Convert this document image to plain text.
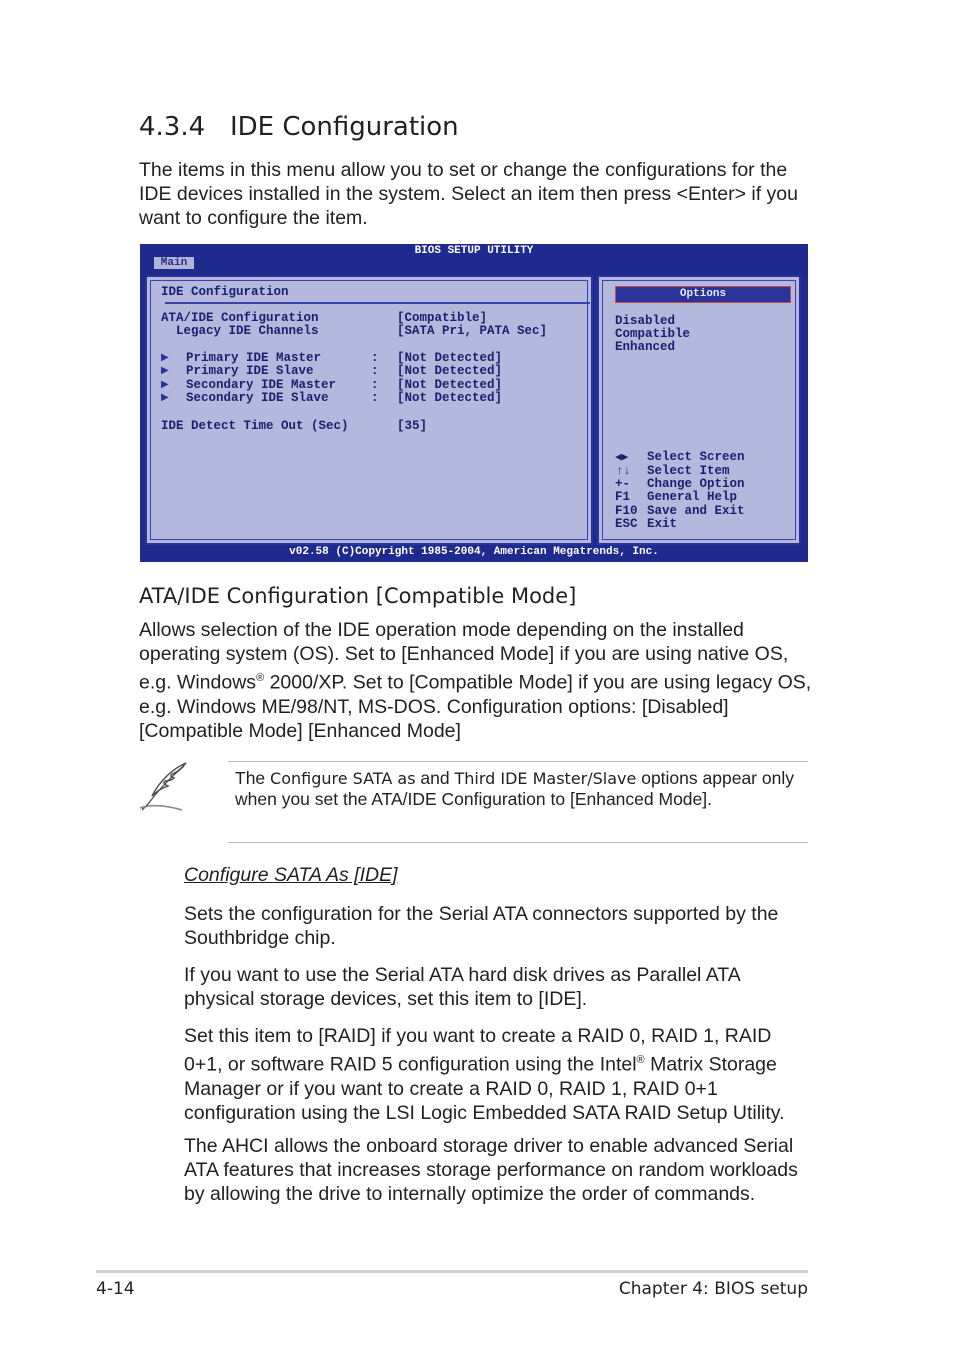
4.3.4 IDE Configuration
The items in this menu allow you to set or change the configurations for the IDE devices installed in the system. Select an item then press <Enter> if you want to configure the item.
BIOS SETUP UTILITY
Main
IDE Configuration
ATA/IDE Configuration	[Compatible]
Legacy IDE Channels	[SATA Pri, PATA Sec]
▶ Primary IDE Master	: [Not Detected]
▶ Primary IDE Slave	: [Not Detected]
▶ Secondary IDE Master	: [Not Detected]
▶ Secondary IDE Slave	: [Not Detected]
IDE Detect Time Out (Sec)	[35]
Options
Disabled
Compatible
Enhanced
◀▶ Select Screen
↑↓ Select Item
+- Change Option
F1 General Help
F10 Save and Exit
ESC Exit
v02.58 (C)Copyright 1985-2004, American Megatrends, Inc.
ATA/IDE Configuration [Compatible Mode]
Allows selection of the IDE operation mode depending on the installed operating system (OS). Set to [Enhanced Mode] if you are using native OS, e.g. Windows® 2000/XP. Set to [Compatible Mode] if you are using legacy OS, e.g. Windows ME/98/NT, MS-DOS. Configuration options: [Disabled] [Compatible Mode] [Enhanced Mode]
The Configure SATA as and Third IDE Master/Slave options appear only when you set the ATA/IDE Configuration to [Enhanced Mode].
Configure SATA As [IDE]
Sets the configuration for the Serial ATA connectors supported by the Southbridge chip.
If you want to use the Serial ATA hard disk drives as Parallel ATA physical storage devices, set this item to [IDE].
Set this item to [RAID] if you want to create a RAID 0, RAID 1, RAID 0+1, or software RAID 5 configuration using the Intel® Matrix Storage Manager or if you want to create a RAID 0, RAID 1, RAID 0+1 configuration using the LSI Logic Embedded SATA RAID Setup Utility.
The AHCI allows the onboard storage driver to enable advanced Serial ATA features that increases storage performance on random workloads by allowing the drive to internally optimize the order of commands.
4-14	Chapter 4: BIOS setup
